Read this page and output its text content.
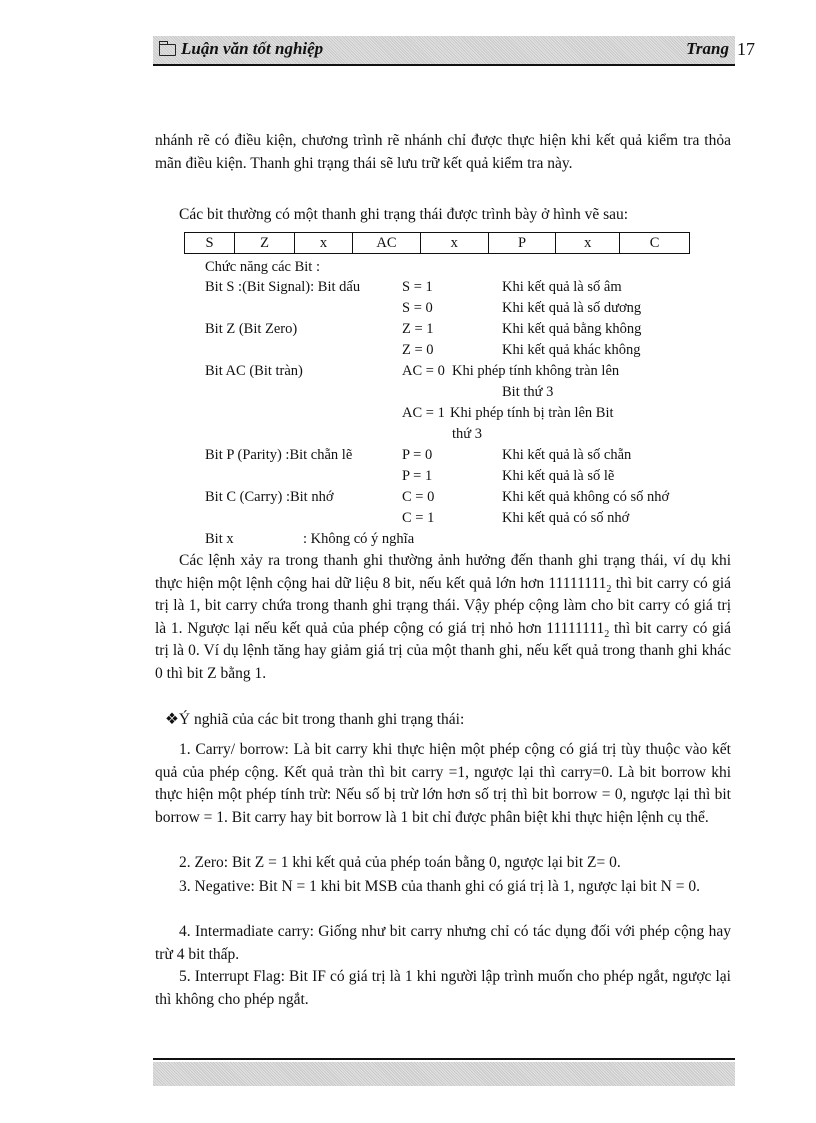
Luận văn tốt nghiệp	Trang 17

nhánh rẽ có điều kiện, chương trình rẽ nhánh chỉ được thực hiện khi kết quả kiểm tra thỏa mãn điều kiện. Thanh ghi trạng thái sẽ lưu trữ kết quả kiểm tra này.

Các bit thường có một thanh ghi trạng thái được trình bày ở hình vẽ sau:

S	Z	x	AC	x	P	x	C
Chức năng các Bit :
Bit S :(Bit Signal): Bit dấu	S = 1	Khi kết quả là số âm
S = 0	Khi kết quả là số dương
Bit Z (Bit Zero)	Z = 1	Khi kết quả bằng không
Z = 0	Khi kết quả khác không
Bit AC (Bit tràn)	AC = 0 Khi phép tính không tràn lên
Bit thứ 3
AC = 1 Khi phép tính bị tràn lên Bit
thứ 3
Bit P (Parity) :Bit chẵn lẽ	P = 0	Khi kết quả là số chẵn
P = 1	Khi kết quả là số lẽ
Bit C (Carry) :Bit nhớ	C = 0	Khi kết quả không có số nhớ
C = 1	Khi kết quả có số nhớ
Bit x	: Không có ý nghĩa

Các lệnh xảy ra trong thanh ghi thường ảnh hưởng đến thanh ghi trạng thái, ví dụ khi thực hiện một lệnh cộng hai dữ liệu 8 bit, nếu kết quả lớn hơn $11111111_2$ thì bit carry có giá trị là 1, bit carry chứa trong thanh ghi trạng thái. Vậy phép cộng làm cho bit carry có giá trị là 1. Ngược lại nếu kết quả của phép cộng có giá trị nhỏ hơn $11111111_2$ thì bit carry có giá trị là 0. Ví dụ lệnh tăng hay giảm giá trị của một thanh ghi, nếu kết quả trong thanh ghi khác 0 thì bit Z bằng 1.

❖Ý nghiã của các bit trong thanh ghi trạng thái:

1. Carry/ borrow: Là bit carry khi thực hiện một phép cộng có giá trị tùy thuộc vào kết quả của phép cộng. Kết quả tràn thì bit carry =1, ngược lại thì carry=0. Là bit borrow khi thực hiện một phép tính trừ: Nếu số bị trừ lớn hơn số trị thì bit borrow = 0, ngược lại thì bit borrow = 1. Bit carry hay bit borrow là 1 bit chỉ được phân biệt khi thực hiện lệnh cụ thể.

2. Zero: Bit Z = 1 khi kết quả của phép toán bằng 0, ngược lại bit Z= 0.

3. Negative: Bit N = 1 khi bit MSB của thanh ghi có giá trị là 1, ngược lại bit N = 0.

4. Intermadiate carry: Giống như bit carry nhưng chỉ có tác dụng đối với phép cộng hay trừ 4 bit thấp.

5. Interrupt Flag: Bit IF có giá trị là 1 khi người lập trình muốn cho phép ngắt, ngược lại thì không cho phép ngắt.
